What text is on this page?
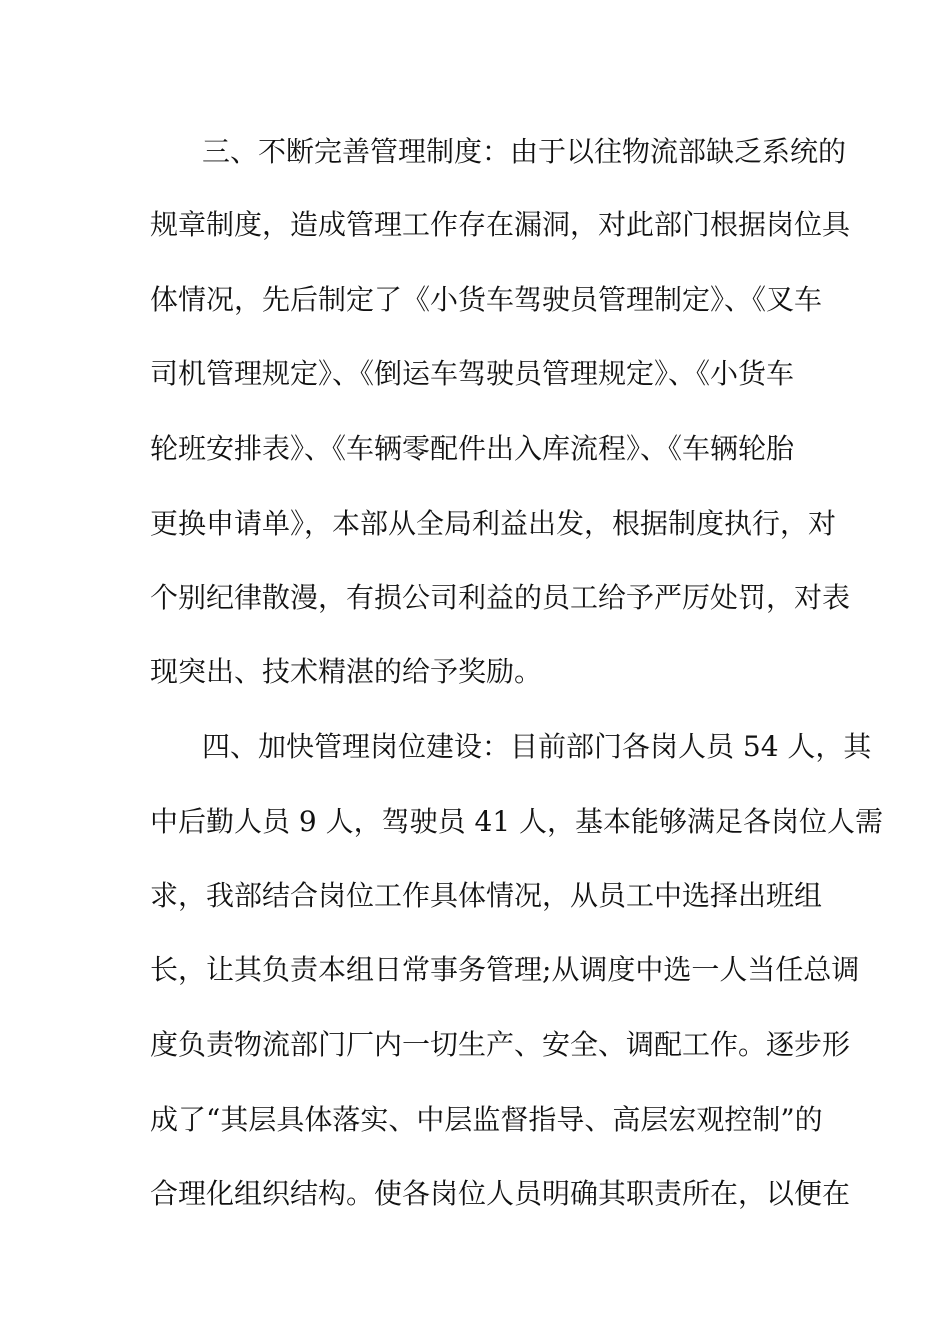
三、不断完善管理制度：由于以往物流部缺乏系统的
规章制度，造成管理工作存在漏洞，对此部门根据岗位具
体情况，先后制定了《小货车驾驶员管理制定》、《叉车
司机管理规定》、《倒运车驾驶员管理规定》、《小货车
轮班安排表》、《车辆零配件出入库流程》、《车辆轮胎
更换申请单》，本部从全局利益出发，根据制度执行，对
个别纪律散漫，有损公司利益的员工给予严厉处罚，对表
现突出、技术精湛的给予奖励。
四、加快管理岗位建设：目前部门各岗人员 54 人，其
中后勤人员 9 人，驾驶员 41 人，基本能够满足各岗位人需
求，我部结合岗位工作具体情况，从员工中选择出班组
长，让其负责本组日常事务管理;从调度中选一人当任总调
度负责物流部门厂内一切生产、安全、调配工作。逐步形
成了“其层具体落实、中层监督指导、高层宏观控制”的
合理化组织结构。使各岗位人员明确其职责所在，以便在
